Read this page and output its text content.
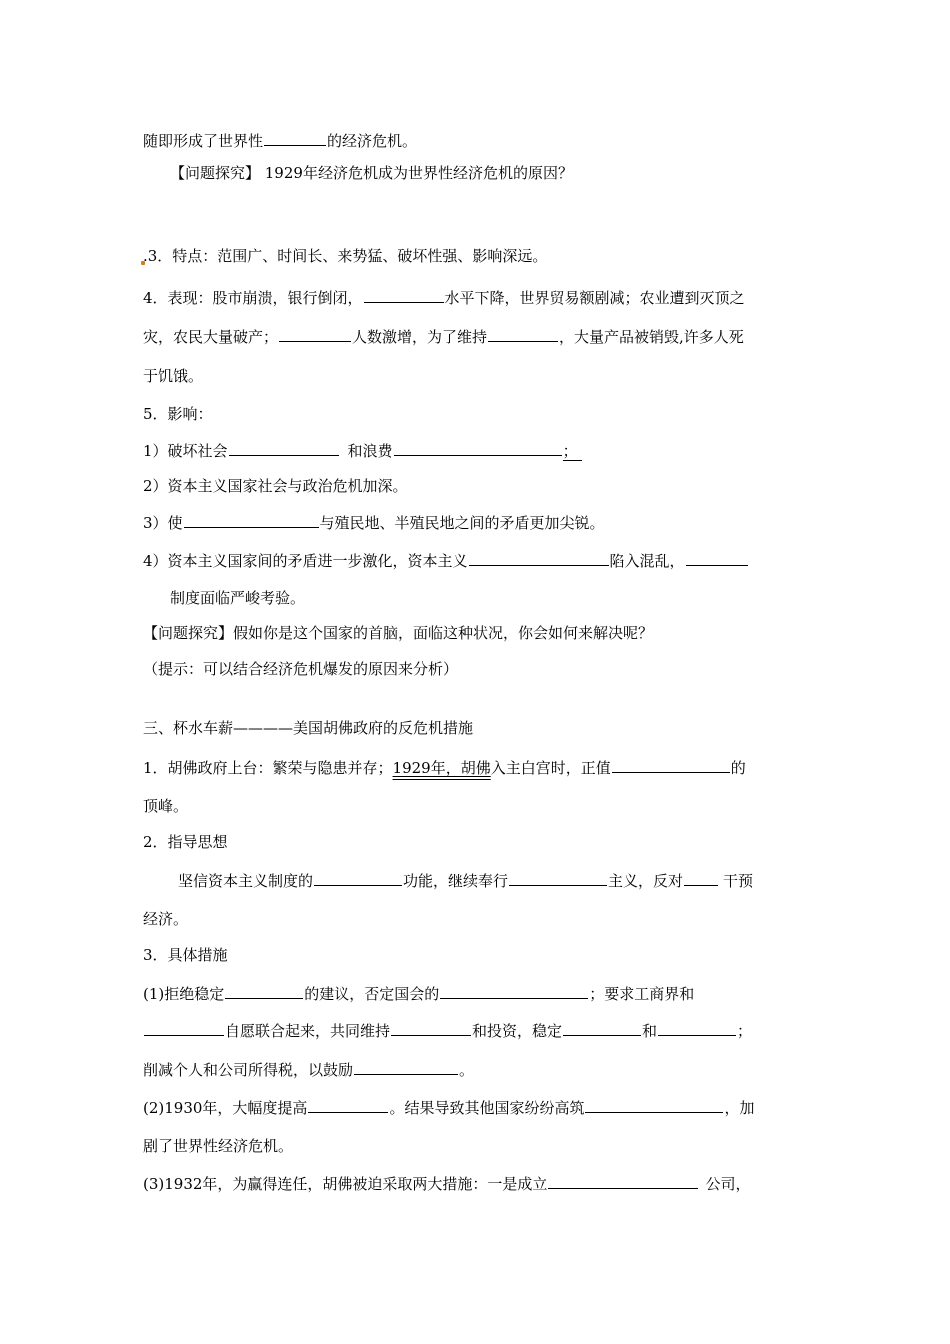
随即形成了世界性	的经济危机。
【问题探究】 1929年经济危机成为世界性经济危机的原因？
.3．特点：范围广、时间长、来势猛、破坏性强、影响深远。
4．表现：股市崩溃，银行倒闭，	水平下降，世界贸易额剧减；农业遭到灭顶之
灾，农民大量破产；	人数激增，为了维持	，大量产品被销毁,许多人死
于饥饿。
5．影响：
1）破坏社会	和浪费	；
2）资本主义国家社会与政治危机加深。
3）使	与殖民地、半殖民地之间的矛盾更加尖锐。
4）资本主义国家间的矛盾进一步激化，资本主义	陷入混乱，
制度面临严峻考验。
【问题探究】假如你是这个国家的首脑，面临这种状况，你会如何来解决呢？
（提示：可以结合经济危机爆发的原因来分析）
三、杯水车薪————美国胡佛政府的反危机措施
1．胡佛政府上台：繁荣与隐患并存；1929年，胡佛入主白宫时，正值	的
顶峰。
2．指导思想
坚信资本主义制度的	功能，继续奉行	主义，反对	干预
经济。
3．具体措施
(1)拒绝稳定	的建议，否定国会的	；要求工商界和
自愿联合起来，共同维持	和投资，稳定	和	；
削减个人和公司所得税，以鼓励	。
(2)1930年，大幅度提高	。结果导致其他国家纷纷高筑	，加
剧了世界性经济危机。
(3)1932年，为赢得连任，胡佛被迫采取两大措施：一是成立	公司，
